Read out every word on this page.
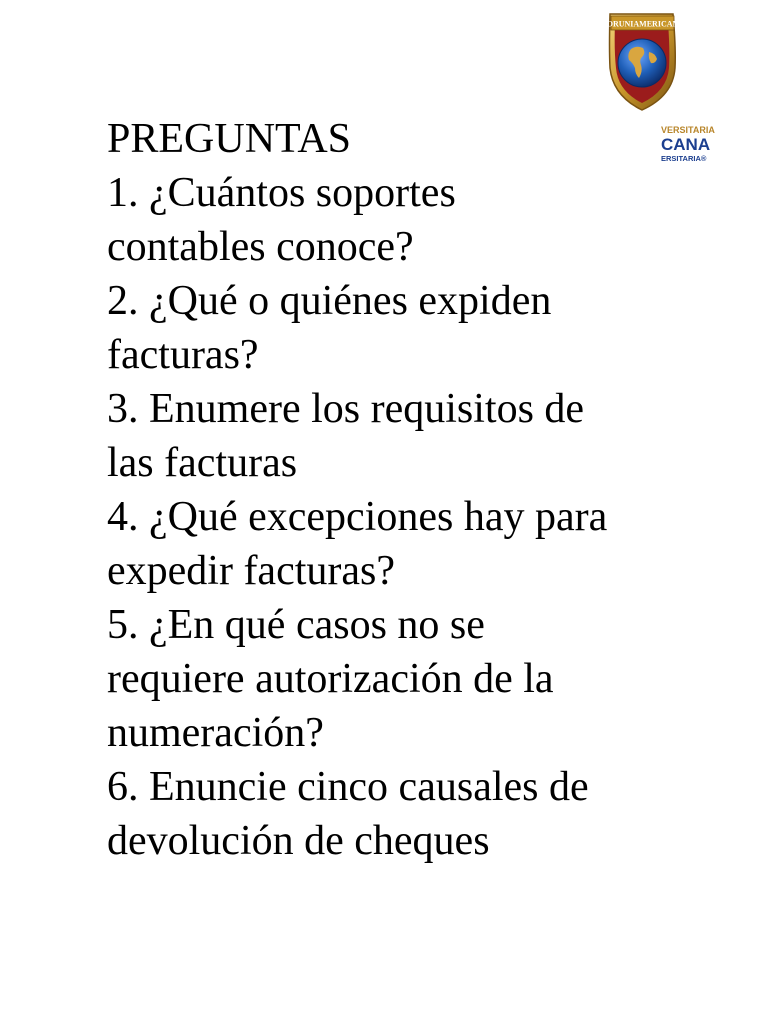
CORUNIAMERICANA
VERSITARIA
CANA
ERSITARIA®
PREGUNTAS
1. ¿Cuántos soportes
contables conoce?
2. ¿Qué o quiénes expiden
facturas?
3. Enumere los requisitos de
las facturas
4. ¿Qué excepciones hay para
expedir facturas?
5. ¿En qué casos no se
requiere autorización de la
numeración?
6. Enuncie cinco causales de
devolución de cheques
